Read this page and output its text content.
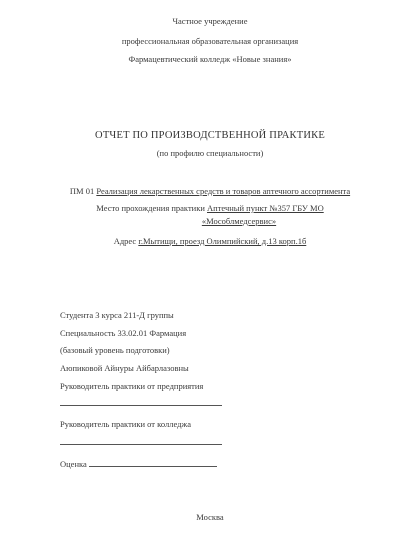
Частное учреждение
профессиональная образовательная организация
Фармацевтический колледж «Новые знания»
ОТЧЕТ ПО ПРОИЗВОДСТВЕННОЙ ПРАКТИКЕ
(по профилю специальности)
ПМ 01 Реализация лекарственных средств и товаров аптечного ассортимента
Место прохождения практики Аптечный пункт №357 ГБУ МО
«Мособлмедсервис»
Адрес г.Мытищи, проезд Олимпийский, д.13 корп.1б
Студента 3 курса 211-Д группы
Специальность 33.02.01 Фармация
(базовый уровень подготовки)
Аюпиковой Айнуры Айбарлазовны
Руководитель практики от предприятия
Руководитель практики от колледжа
Оценка
Москва
